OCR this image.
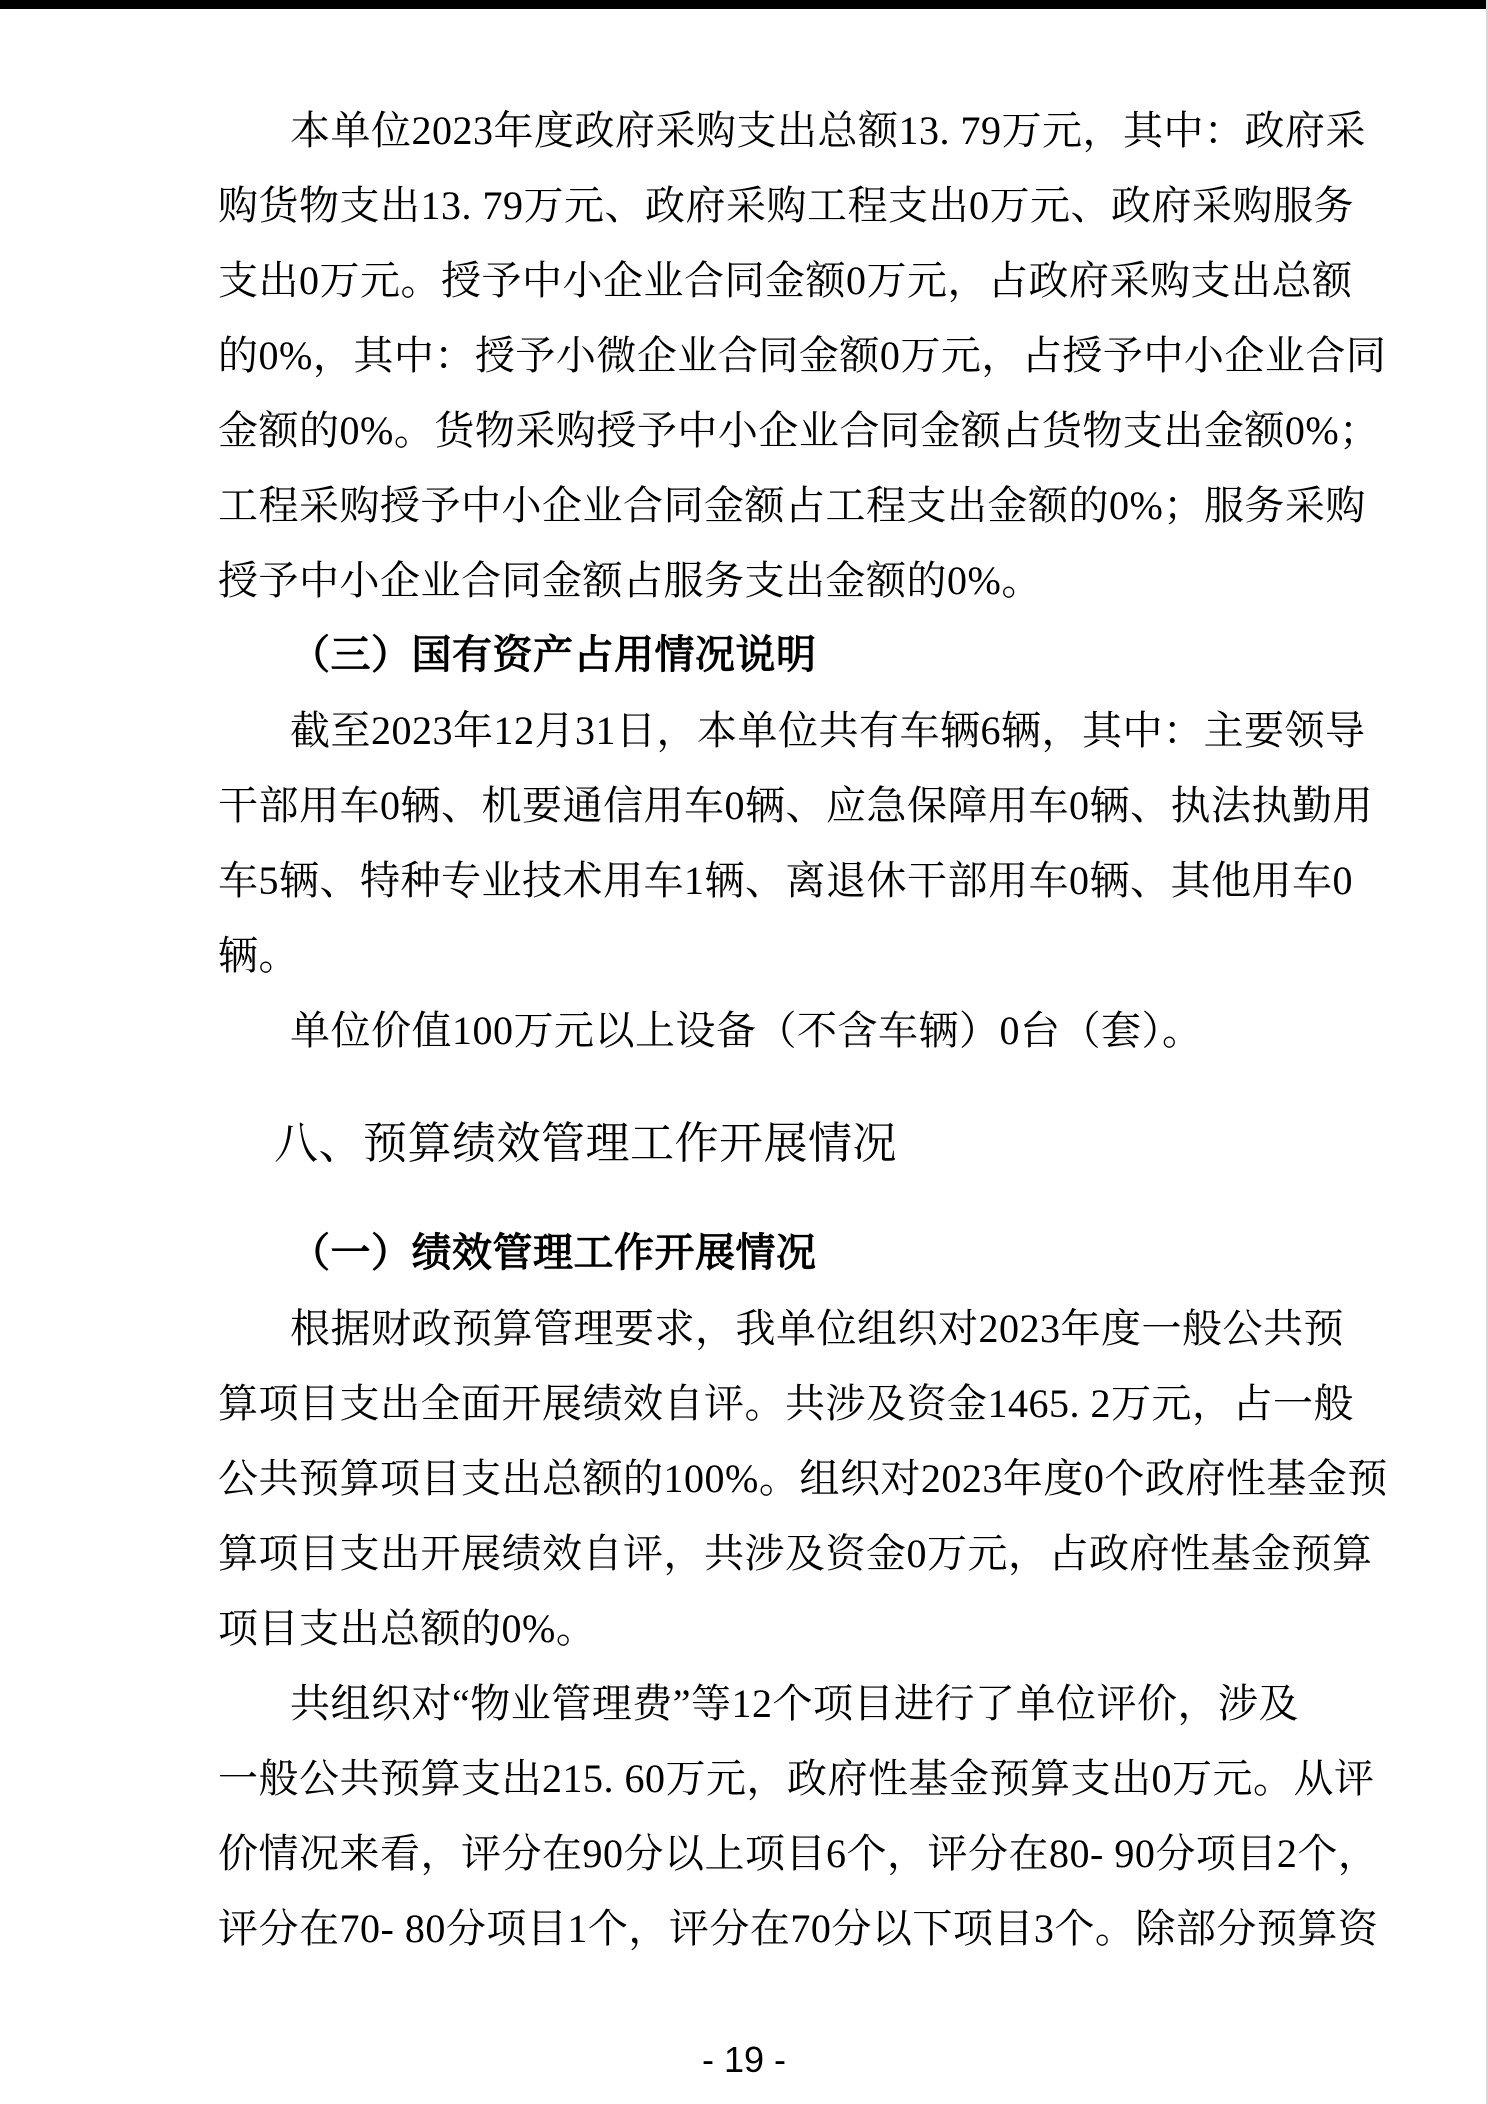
本单位2023年度政府采购支出总额13. 79万元，其中：政府采
购货物支出13. 79万元、政府采购工程支出0万元、政府采购服务
支出0万元。授予中小企业合同金额0万元，占政府采购支出总额
的0%，其中：授予小微企业合同金额0万元，占授予中小企业合同
金额的0%。货物采购授予中小企业合同金额占货物支出金额0%；
工程采购授予中小企业合同金额占工程支出金额的0%；服务采购
授予中小企业合同金额占服务支出金额的0%。
（三）国有资产占用情况说明
截至2023年12月31日，本单位共有车辆6辆，其中：主要领导
干部用车0辆、机要通信用车0辆、应急保障用车0辆、执法执勤用
车5辆、特种专业技术用车1辆、离退休干部用车0辆、其他用车0
辆。
单位价值100万元以上设备（不含车辆）0台（套）。
八、预算绩效管理工作开展情况
（一）绩效管理工作开展情况
根据财政预算管理要求，我单位组织对2023年度一般公共预
算项目支出全面开展绩效自评。共涉及资金1465. 2万元，占一般
公共预算项目支出总额的100%。组织对2023年度0个政府性基金预
算项目支出开展绩效自评，共涉及资金0万元，占政府性基金预算
项目支出总额的0%。
共组织对“物业管理费”等12个项目进行了单位评价，涉及
一般公共预算支出215. 60万元，政府性基金预算支出0万元。从评
价情况来看，评分在90分以上项目6个，评分在80- 90分项目2个，
评分在70- 80分项目1个，评分在70分以下项目3个。除部分预算资
- 19 -
